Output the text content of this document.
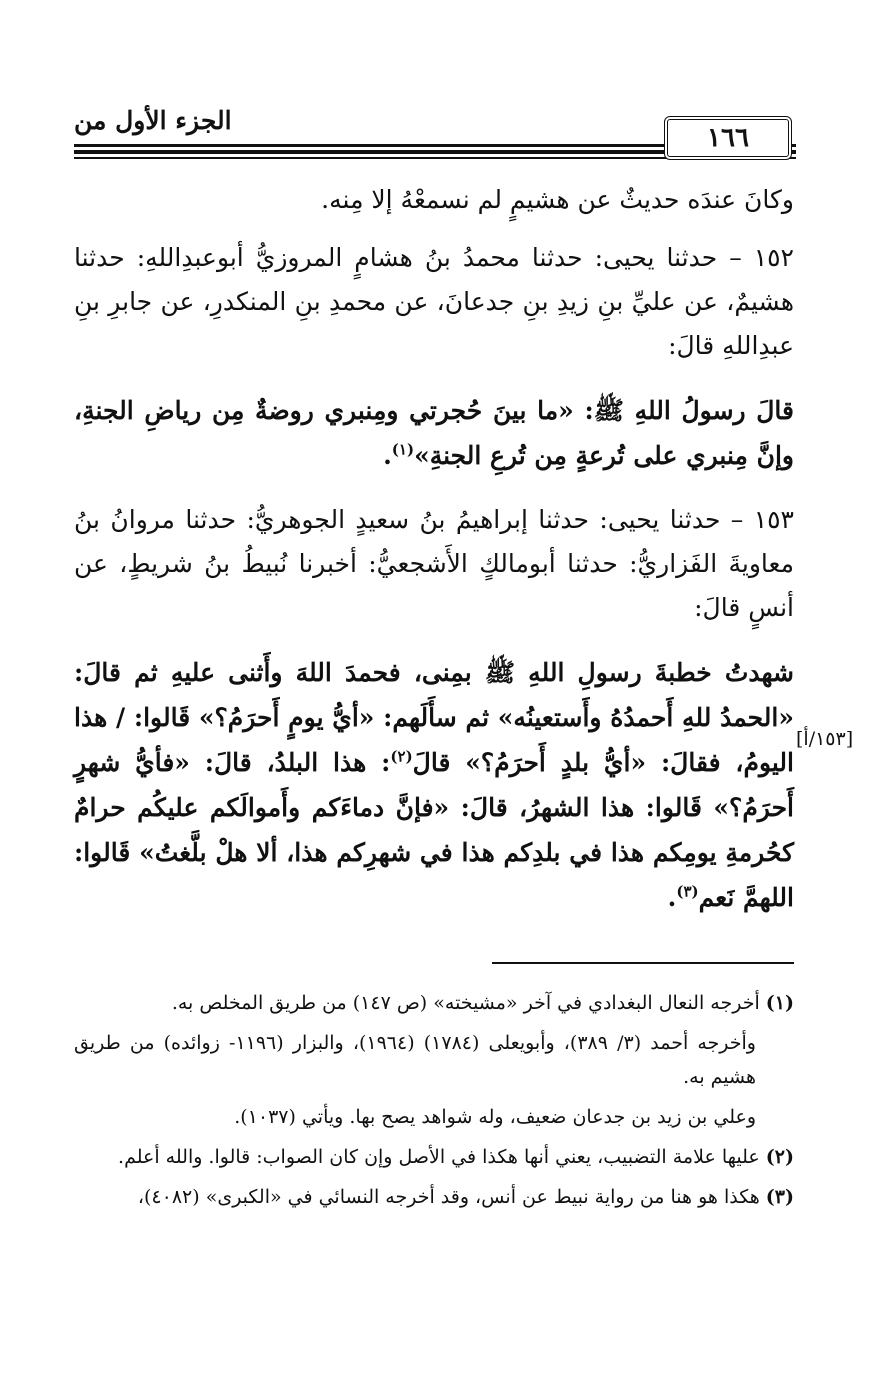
الجزء الأول من
١٦٦

وكانَ عندَه حديثٌ عن هشيمٍ لم نسمعْهُ إلا مِنه.

١٥٢ – حدثنا يحيى: حدثنا محمدُ بنُ هشامٍ المروزيُّ أبوعبدِاللهِ: حدثنا هشيمٌ، عن عليِّ بنِ زيدِ بنِ جدعانَ، عن محمدِ بنِ المنكدرِ، عن جابرِ بنِ عبدِاللهِ قالَ:

قالَ رسولُ اللهِ ﷺ: «ما بينَ حُجرتي ومِنبري روضةٌ مِن رياضِ الجنةِ، وإنَّ مِنبري على تُرعةٍ مِن تُرعِ الجنةِ»$^{(١)}$.

١٥٣ – حدثنا يحيى: حدثنا إبراهيمُ بنُ سعيدٍ الجوهريُّ: حدثنا مروانُ بنُ معاويةَ الفَزاريُّ: حدثنا أبومالكٍ الأَشجعيُّ: أخبرنا نُبيطُ بنُ شريطٍ، عن أنسٍ قالَ:

شهدتُ خطبةَ رسولِ اللهِ ﷺ بمِنى، فحمدَ اللهَ وأَثنى عليهِ ثم قالَ: «الحمدُ للهِ أَحمدُهُ وأَستعينُه» ثم سأَلَهم: «أيُّ يومٍ أَحرَمُ؟» قَالوا: / هذا اليومُ، فقالَ: «أيُّ بلدٍ أَحرَمُ؟» قالَ$^{(٢)}$: هذا البلدُ، قالَ: «فأيُّ شهرٍ أَحرَمُ؟» قَالوا: هذا الشهرُ، قالَ: «فإنَّ دماءَكم وأَموالَكم عليكُم حرامٌ كحُرمةِ يومِكم هذا في بلدِكم هذا في شهرِكم هذا، ألا هلْ بلَّغتُ» قَالوا: اللهمَّ نَعم$^{(٣)}$.

[١٥٣/أ]

(١) أخرجه النعال البغدادي في آخر «مشيخته» (ص ١٤٧) من طريق المخلص به.

وأخرجه أحمد (٣/ ٣٨٩)، وأبويعلى (١٧٨٤) (١٩٦٤)، والبزار (١١٩٦- زوائده) من طريق هشيم به.

وعلي بن زيد بن جدعان ضعيف، وله شواهد يصح بها. ويأتي (١٠٣٧).

(٢) عليها علامة التضبيب، يعني أنها هكذا في الأصل وإن كان الصواب: قالوا. والله أعلم.

(٣) هكذا هو هنا من رواية نبيط عن أنس، وقد أخرجه النسائي في «الكبرى» (٤٠٨٢)،
